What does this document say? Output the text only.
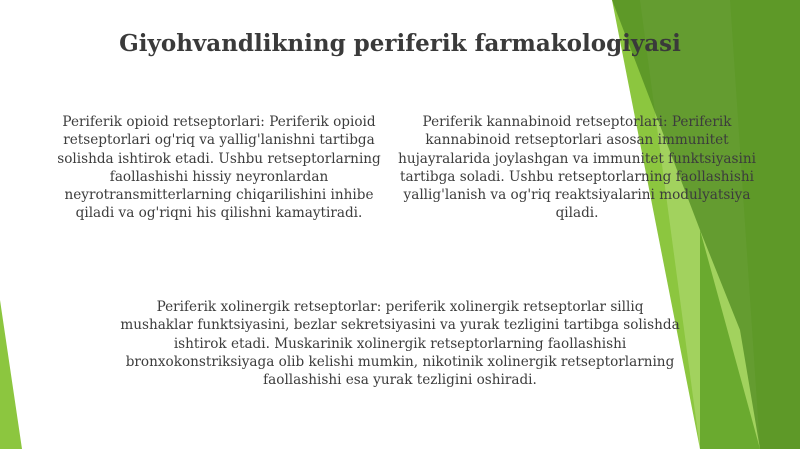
Giyohvandlikning periferik farmakologiyasi

Periferik opioid retseptorlari: Periferik opioid retseptorlari og'riq va yallig'lanishni tartibga solishda ishtirok etadi. Ushbu retseptorlarning faollashishi hissiy neyronlardan neyrotransmitterlarning chiqarilishini inhibe qiladi va og'riqni his qilishni kamaytiradi.

Periferik kannabinoid retseptorlari: Periferik kannabinoid retseptorlari asosan immunitet hujayralarida joylashgan va immunitet funktsiyasini tartibga soladi. Ushbu retseptorlarning faollashishi yallig'lanish va og'riq reaktsiyalarini modulyatsiya qiladi.

Periferik xolinergik retseptorlar: periferik xolinergik retseptorlar silliq mushaklar funktsiyasini, bezlar sekretsiyasini va yurak tezligini tartibga solishda ishtirok etadi. Muskarinik xolinergik retseptorlarning faollashishi bronxokonstriksiyaga olib kelishi mumkin, nikotinik xolinergik retseptorlarning faollashishi esa yurak tezligini oshiradi.
